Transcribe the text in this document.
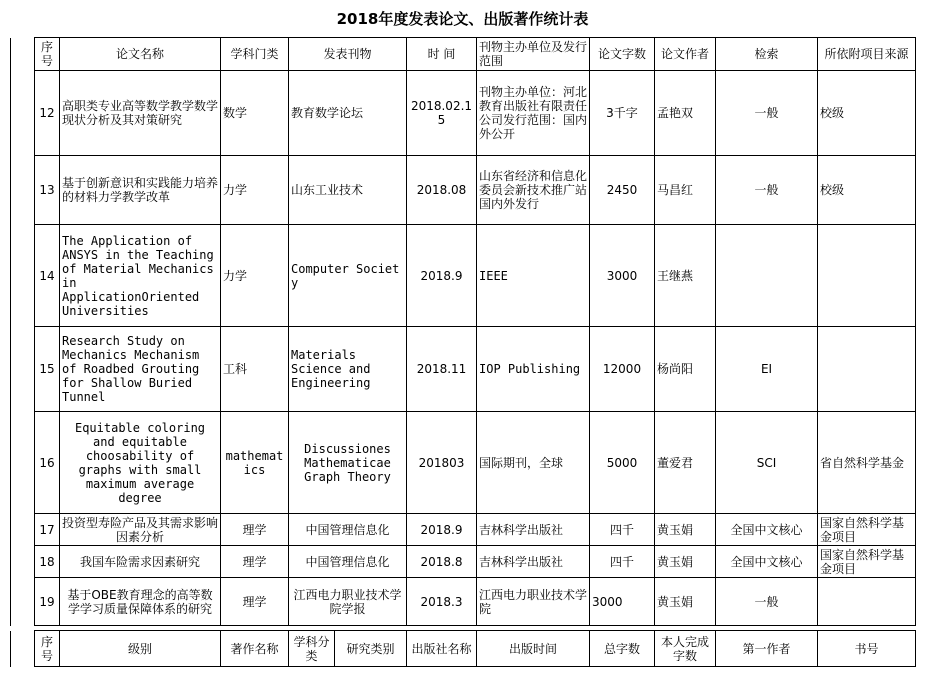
2018年度发表论文、出版著作统计表
	序号	论文名称	学科门类	发表刊物	时 间	刊物主办单位及发行范围	论文字数	论文作者	检索	所依附项目来源
	12	高职类专业高等数学教学数学现状分析及其对策研究	数学	教育数学论坛	2018.02.15	刊物主办单位：河北教育出版社有限责任公司发行范围：国内外公开	3千字	孟艳双	一般	校级
	13	基于创新意识和实践能力培养的材料力学教学改革	力学	山东工业技术	2018.08	山东省经济和信息化委员会新技术推广站　国内外发行	2450	马昌红	一般	校级
	14	The Application of ANSYS in the Teaching of Material Mechanics in ApplicationOriented Universities	力学	Computer Society	2018.9	IEEE	3000	王继燕		
	15	Research Study on Mechanics Mechanism of Roadbed Grouting for Shallow Buried Tunnel	工科	Materials Science and Engineering	2018.11	IOP Publishing	12000	杨尚阳	EI	
	16	Equitable coloring and equitable choosability of graphs with small maximum average degree	mathematics	Discussiones Mathematicae Graph Theory	201803	国际期刊，全球	5000	董爱君	SCI	省自然科学基金
	17	投资型寿险产品及其需求影响因素分析	理学	中国管理信息化	2018.9	吉林科学出版社	四千	黄玉娟	全国中文核心	国家自然科学基金项目
	18	我国车险需求因素研究	理学	中国管理信息化	2018.8	吉林科学出版社	四千	黄玉娟	全国中文核心	国家自然科学基金项目
	19	基于OBE教育理念的高等数学学习质量保障体系的研究	理学	江西电力职业技术学院学报	2018.3	江西电力职业技术学院	3000	黄玉娟	一般	
	序号	级别	著作名称	学科分类	研究类别	出版社名称	出版时间	总字数	本人完成字数	第一作者	书号
